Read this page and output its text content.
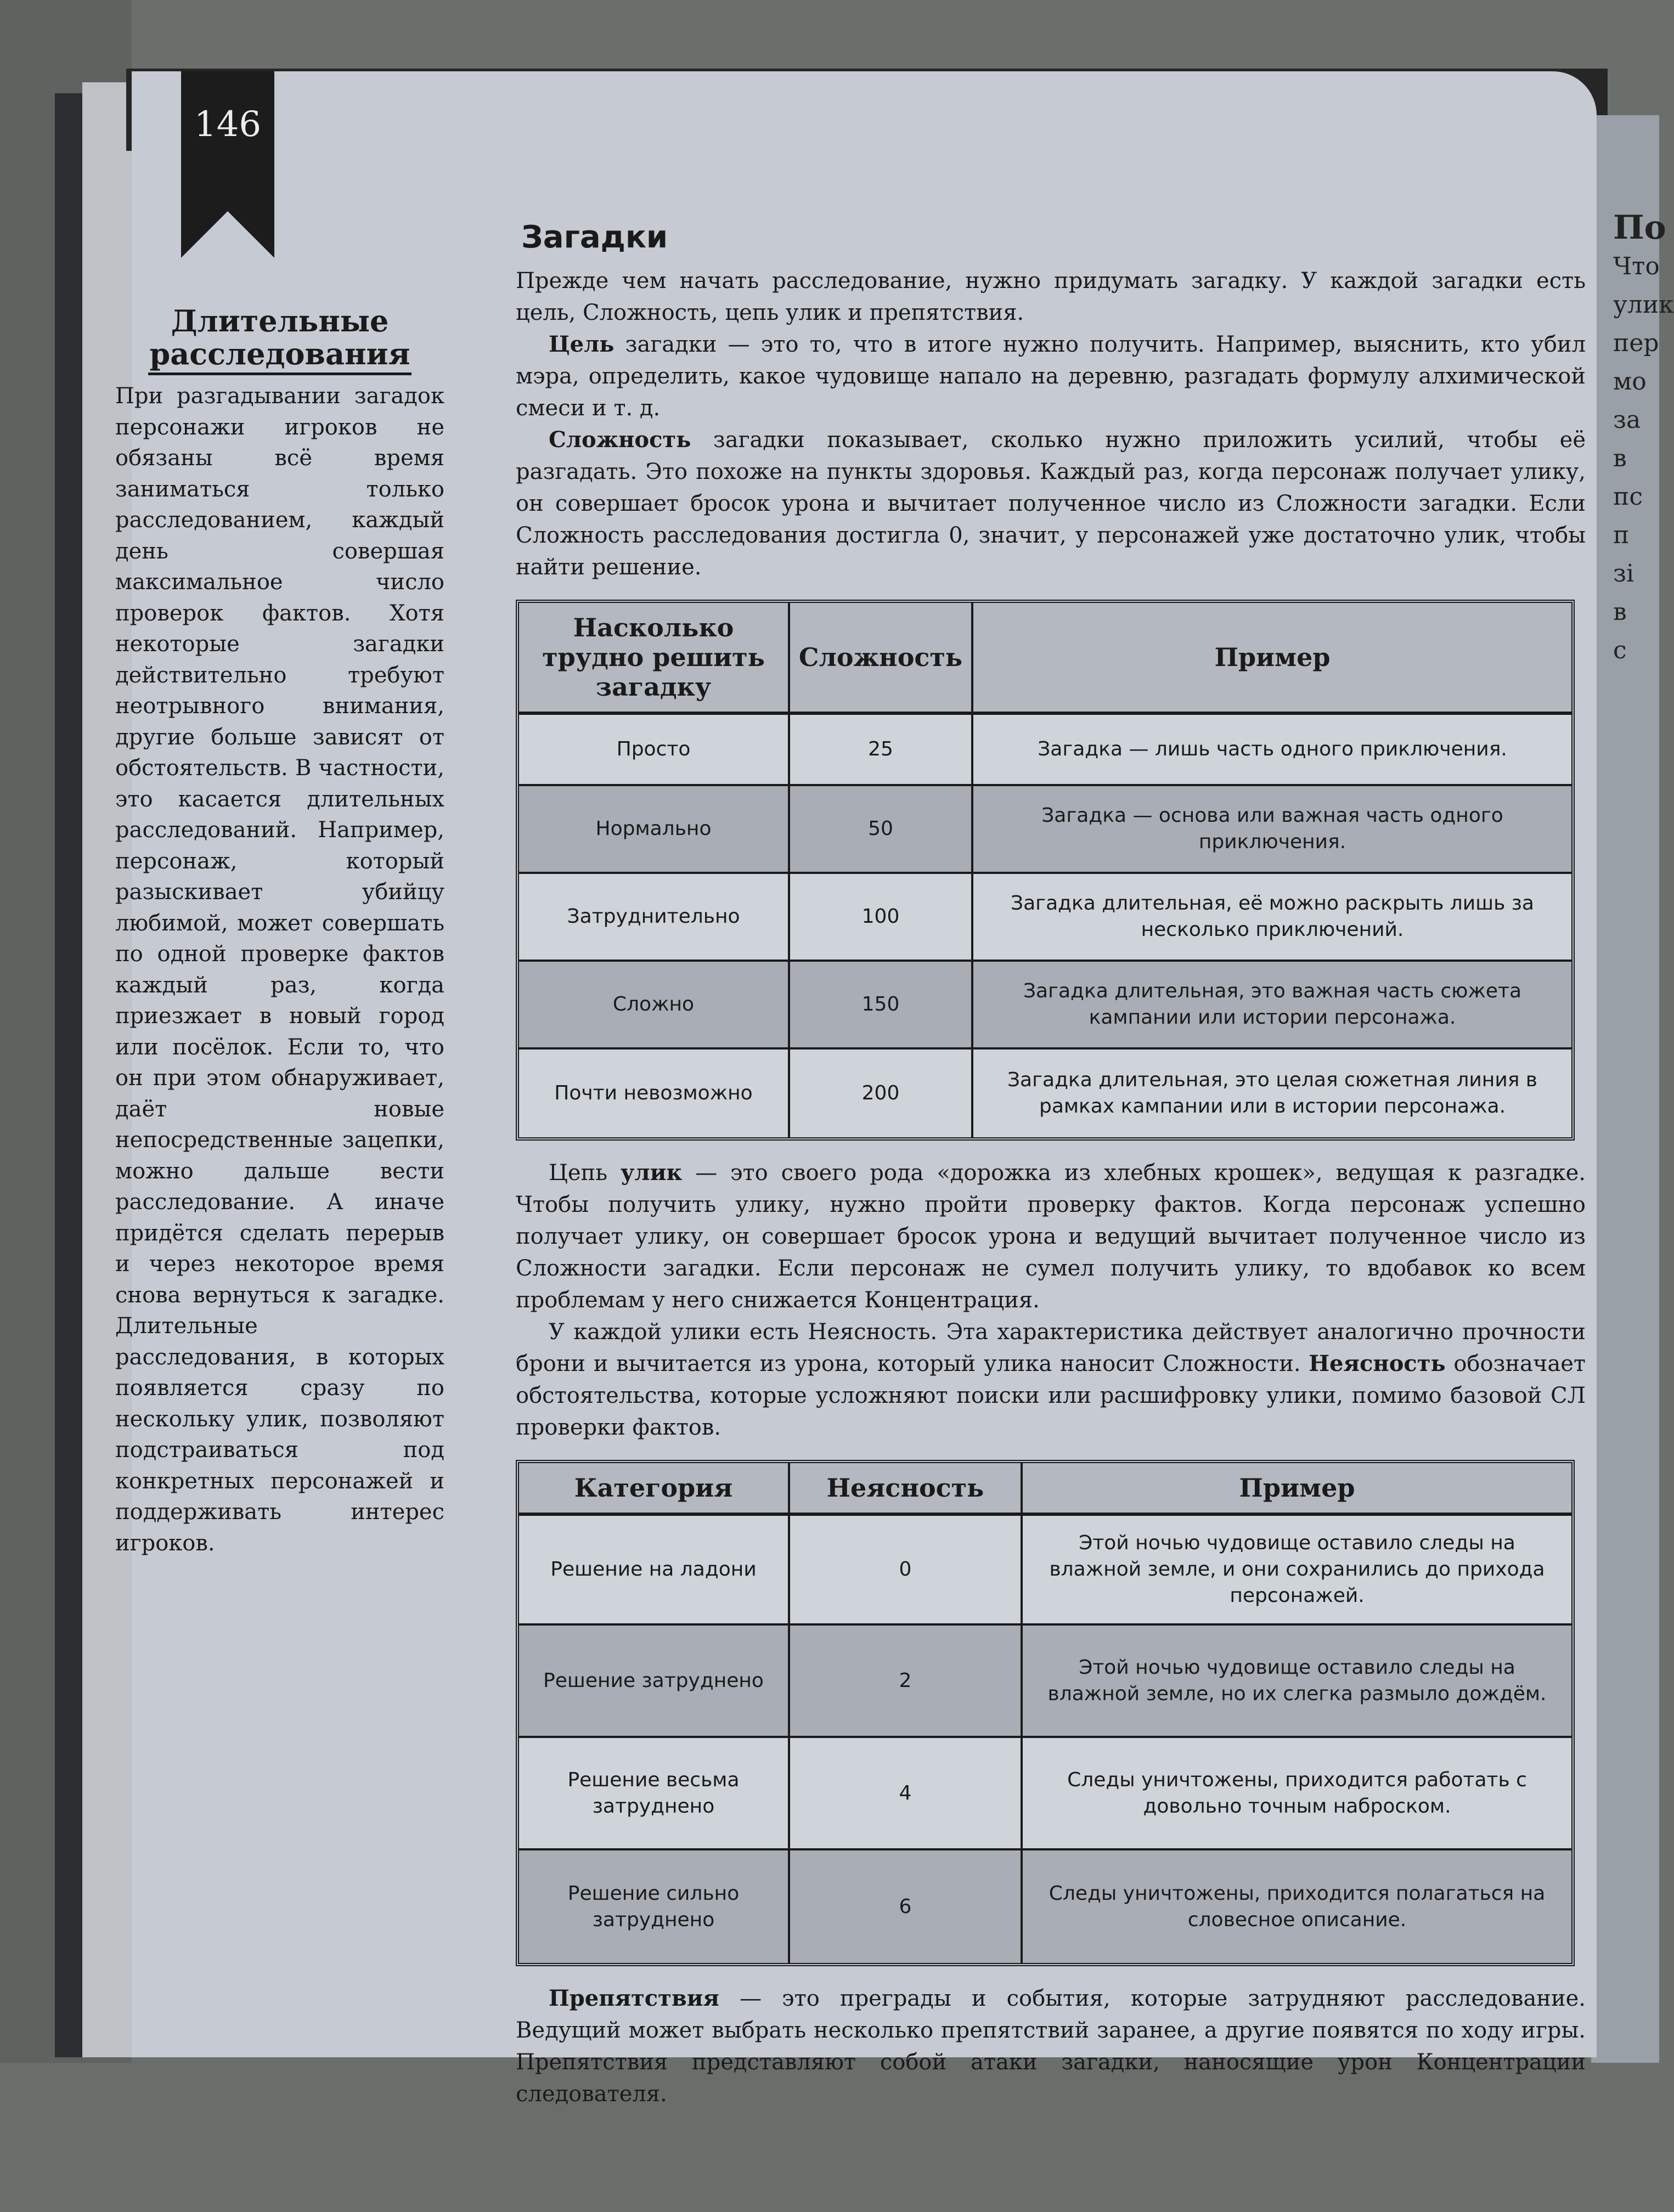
По
Что
улик
пер
мо
за
в
пс
п
зі
в
с
146
Длительные
расследования
При разгадывании загадок персонажи игроков не обязаны всё время заниматься только расследованием, каждый день совершая максимальное число проверок фактов. Хотя некоторые загадки действительно требуют неотрывного внимания, другие больше зависят от обстоятельств. В частности, это касается длительных расследований. Например, персонаж, который разыскивает убийцу любимой, может совершать по одной проверке фактов каждый раз, когда приезжает в новый город или посёлок. Если то, что он при этом обнаруживает, даёт новые непосредственные зацепки, можно дальше вести расследование. А иначе придётся сделать перерыв и через некоторое время снова вернуться к загадке. Длительные расследования, в которых появляется сразу по нескольку улик, позволяют подстраиваться под конкретных персонажей и поддерживать интерес игроков.
Загадки

Прежде чем начать расследование, нужно придумать загадку. У каждой загадки есть цель, Сложность, цепь улик и препятствия.

Цель загадки — это то, что в итоге нужно получить. Например, выяснить, кто убил мэра, определить, какое чудовище напало на деревню, разгадать формулу алхимической смеси и т. д.

Сложность загадки показывает, сколько нужно приложить усилий, чтобы её разгадать. Это похоже на пункты здоровья. Каждый раз, когда персонаж получает улику, он совершает бросок урона и вычитает полученное число из Сложности загадки. Если Сложность расследования достигла 0, значит, у персонажей уже достаточно улик, чтобы найти решение.

Насколько трудно решить загадку	Сложность	Пример
Просто	25	Загадка — лишь часть одного приключения.
Нормально	50	Загадка — основа или важная часть одного приключения.
Затруднительно	100	Загадка длительная, её можно раскрыть лишь за несколько приключений.
Сложно	150	Загадка длительная, это важная часть сюжета кампании или истории персонажа.
Почти невозможно	200	Загадка длительная, это целая сюжетная линия в рамках кампании или в истории персонажа.

Цепь улик — это своего рода «дорожка из хлебных крошек», ведущая к разгадке. Чтобы получить улику, нужно пройти проверку фактов. Когда персонаж успешно получает улику, он совершает бросок урона и ведущий вычитает полученное число из Сложности загадки. Если персонаж не сумел получить улику, то вдобавок ко всем проблемам у него снижается Концентрация.

У каждой улики есть Неясность. Эта характеристика действует аналогично прочности брони и вычитается из урона, который улика наносит Сложности. Неясность обозначает обстоятельства, которые усложняют поиски или расшифровку улики, помимо базовой СЛ проверки фактов.

Категория	Неясность	Пример
Решение на ладони	0	Этой ночью чудовище оставило следы на влажной земле, и они сохранились до прихода персонажей.
Решение затруднено	2	Этой ночью чудовище оставило следы на влажной земле, но их слегка размыло дождём.
Решение весьма затруднено	4	Следы уничтожены, приходится работать с довольно точным наброском.
Решение сильно затруднено	6	Следы уничтожены, приходится полагаться на словесное описание.

Препятствия — это преграды и события, которые затрудняют расследование. Ведущий может выбрать несколько препятствий заранее, а другие появятся по ходу игры. Препятствия представляют собой атаки загадки, наносящие урон Концентрации следователя.
